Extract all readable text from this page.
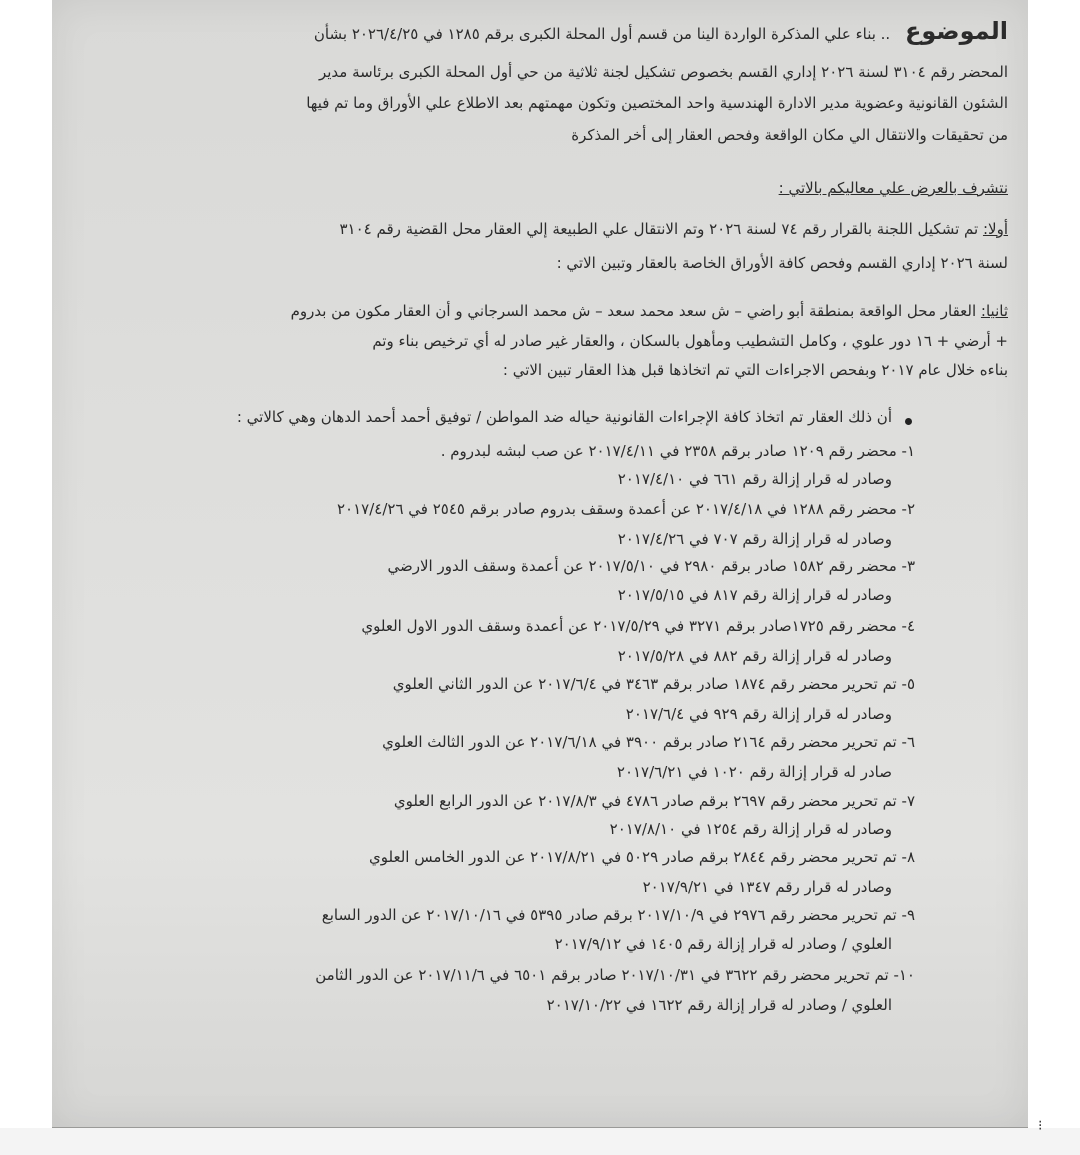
⁝
الموضوع .. بناء علي المذكرة الواردة الينا من قسم أول المحلة الكبرى برقم ١٢٨٥ في ٢٠٢٦/٤/٢٥ بشأن
المحضر رقم ٣١٠٤ لسنة ٢٠٢٦ إداري القسم بخصوص تشكيل لجنة ثلاثية من حي أول المحلة الكبرى برئاسة مدير
الشئون القانونية وعضوية مدير الادارة الهندسية واحد المختصين وتكون مهمتهم بعد الاطلاع علي الأوراق وما تم فيها
من تحقيقات والانتقال الي مكان الواقعة وفحص العقار إلى أخر المذكرة
نتشرف بالعرض علي معاليكم بالاتي :
أولا: تم تشكيل اللجنة بالقرار رقم ٧٤ لسنة ٢٠٢٦ وتم الانتقال علي الطبيعة إلي العقار محل القضية رقم ٣١٠٤
لسنة ٢٠٢٦ إداري القسم وفحص كافة الأوراق الخاصة بالعقار وتبين الاتي :
ثانيا: العقار محل الواقعة بمنطقة أبو راضي – ش سعد محمد سعد – ش محمد السرجاني و أن العقار مكون من بدروم
+ أرضي + ١٦ دور علوي ، وكامل التشطيب ومأهول بالسكان ، والعقار غير صادر له أي ترخيص بناء وتم
بناءه خلال عام ٢٠١٧ وبفحص الاجراءات التي تم اتخاذها قبل هذا العقار تبين الاتي :
أن ذلك العقار تم اتخاذ كافة الإجراءات القانونية حياله ضد المواطن / توفيق أحمد أحمد الدهان وهي كالاتي :
١- محضر رقم ١٢٠٩ صادر برقم ٢٣٥٨ في ٢٠١٧/٤/١١ عن صب لبشه لبدروم .
وصادر له قرار إزالة رقم ٦٦١ في ٢٠١٧/٤/١٠
٢- محضر رقم ١٢٨٨ في ٢٠١٧/٤/١٨ عن أعمدة وسقف بدروم صادر برقم ٢٥٤٥ في ٢٠١٧/٤/٢٦
وصادر له قرار إزالة رقم ٧٠٧ في ٢٠١٧/٤/٢٦
٣- محضر رقم ١٥٨٢ صادر برقم ٢٩٨٠ في ٢٠١٧/٥/١٠ عن أعمدة وسقف الدور الارضي
وصادر له قرار إزالة رقم ٨١٧ في ٢٠١٧/٥/١٥
٤- محضر رقم ١٧٢٥صادر برقم ٣٢٧١ في ٢٠١٧/٥/٢٩ عن أعمدة وسقف الدور الاول العلوي
وصادر له قرار إزالة رقم ٨٨٢ في ٢٠١٧/٥/٢٨
٥- تم تحرير محضر رقم ١٨٧٤ صادر برقم ٣٤٦٣ في ٢٠١٧/٦/٤ عن الدور الثاني العلوي
وصادر له قرار إزالة رقم ٩٢٩ في ٢٠١٧/٦/٤
٦- تم تحرير محضر رقم ٢١٦٤ صادر برقم ٣٩٠٠ في ٢٠١٧/٦/١٨ عن الدور الثالث العلوي
صادر له قرار إزالة رقم ١٠٢٠ في ٢٠١٧/٦/٢١
٧- تم تحرير محضر رقم ٢٦٩٧ برقم صادر ٤٧٨٦ في ٢٠١٧/٨/٣ عن الدور الرابع العلوي
وصادر له قرار إزالة رقم ١٢٥٤ في ٢٠١٧/٨/١٠
٨- تم تحرير محضر رقم ٢٨٤٤ برقم صادر ٥٠٢٩ في ٢٠١٧/٨/٢١ عن الدور الخامس العلوي
وصادر له قرار رقم ١٣٤٧ في ٢٠١٧/٩/٢١
٩- تم تحرير محضر رقم ٢٩٧٦ في ٢٠١٧/١٠/٩ برقم صادر ٥٣٩٥ في ٢٠١٧/١٠/١٦ عن الدور السابع
العلوي / وصادر له قرار إزالة رقم ١٤٠٥ في ٢٠١٧/٩/١٢
١٠- تم تحرير محضر رقم ٣٦٢٢ في ٢٠١٧/١٠/٣١ صادر برقم ٦٥٠١ في ٢٠١٧/١١/٦ عن الدور الثامن
العلوي / وصادر له قرار إزالة رقم ١٦٢٢ في ٢٠١٧/١٠/٢٢
